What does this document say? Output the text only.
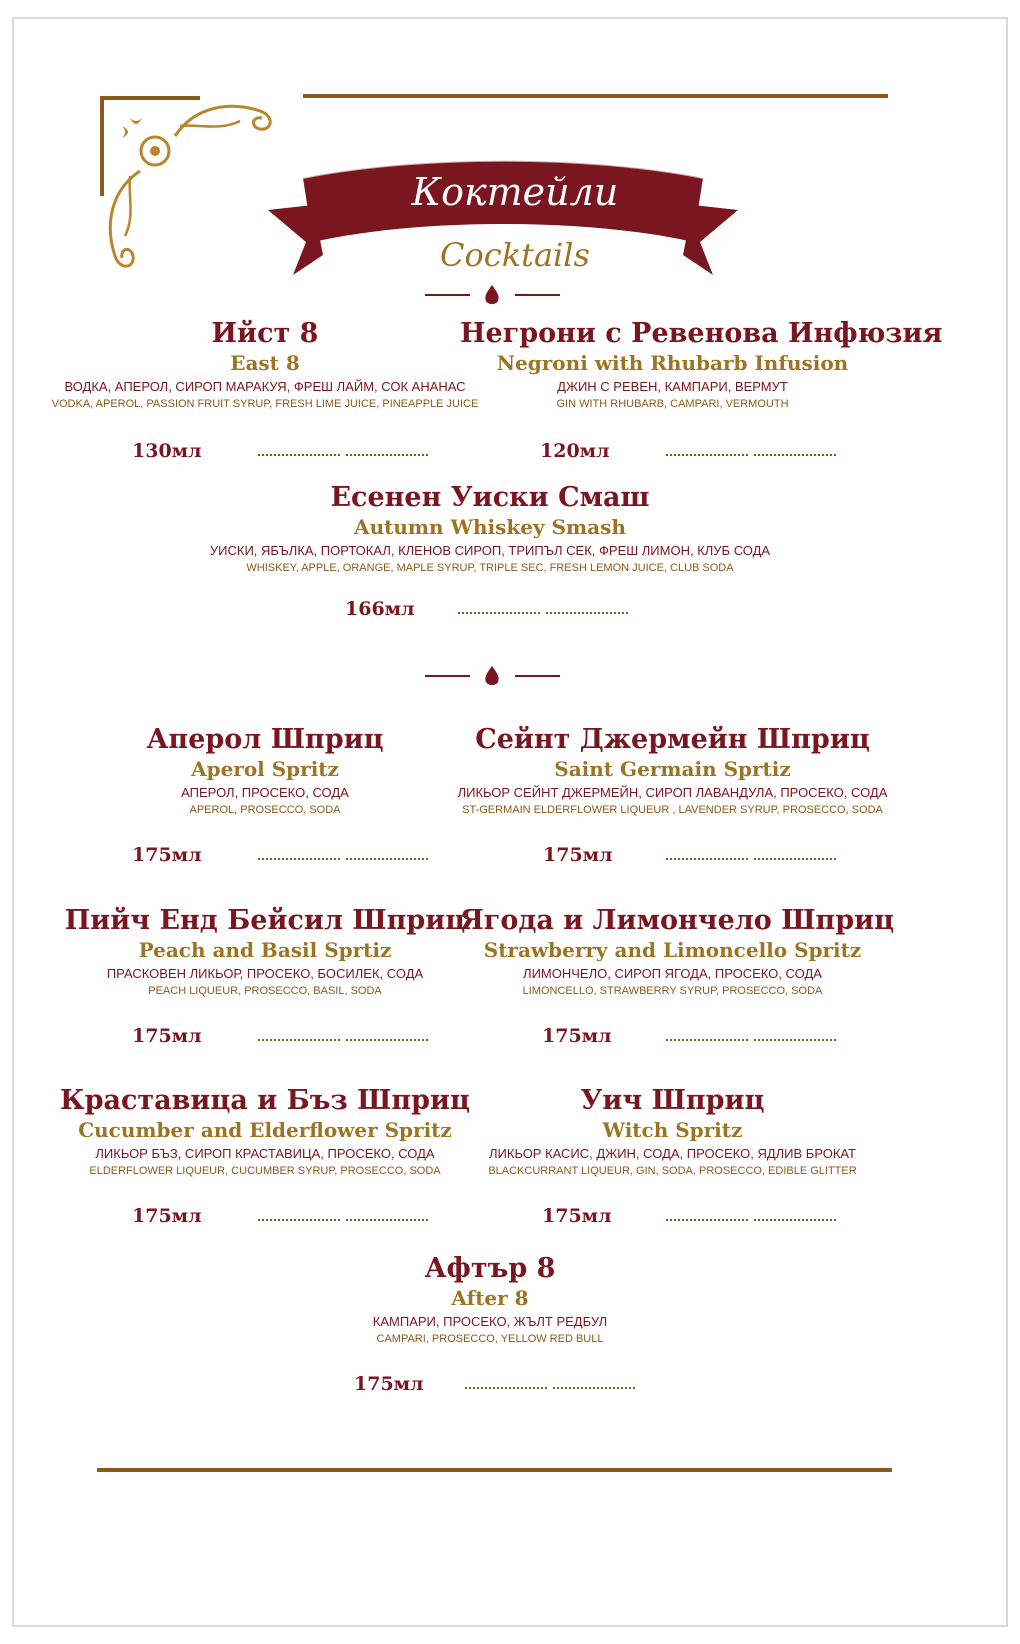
Коктейли
Cocktails
Ийст 8
East 8
ВОДКА, АПЕРОЛ, СИРОП МАРАКУЯ, ФРЕШ ЛАЙМ, СОК АНАНАС
VODKA, APEROL, PASSION FRUIT SYRUP, FRESH LIME JUICE, PINEAPPLE JUICE
130мл
Негрони с Ревенова Инфюзия
Negroni with Rhubarb Infusion
ДЖИН С РЕВЕН, КАМПАРИ, ВЕРМУТ
GIN WITH RHUBARB, CAMPARI, VERMOUTH
120мл
Есенен Уиски Смаш
Autumn Whiskey Smash
УИСКИ, ЯБЪЛКА, ПОРТОКАЛ, КЛЕНОВ СИРОП, ТРИПЪЛ СЕК, ФРЕШ ЛИМОН, КЛУБ СОДА
WHISKEY, APPLE, ORANGE, MAPLE SYRUP, TRIPLE SEC, FRESH LEMON JUICE, CLUB SODA
166мл
Аперол Шприц
Aperol Spritz
АПЕРОЛ, ПРОСЕКО, СОДА
APEROL, PROSECCO, SODA
175мл
Сейнт Джермейн Шприц
Saint Germain Sprtiz
ЛИКЬОР СЕЙНТ ДЖЕРМЕЙН, СИРОП ЛАВАНДУЛА, ПРОСЕКО, СОДА
ST-GERMAIN ELDERFLOWER LIQUEUR , LAVENDER SYRUP, PROSECCO, SODA
175мл
Пийч Енд Бейсил Шприц
Peach and Basil Sprtiz
ПРАСКОВЕН ЛИКЬОР, ПРОСЕКО, БОСИЛЕК, СОДА
PEACH LIQUEUR, PROSECCO, BASIL, SODA
175мл
Ягода и Лимончело Шприц
Strawberry and Limoncello Spritz
ЛИМОНЧЕЛО, СИРОП ЯГОДА, ПРОСЕКО, СОДА
LIMONCELLO, STRAWBERRY SYRUP, PROSECCO, SODA
175мл
Краставица и Бъз Шприц
Cucumber and Elderflower Spritz
ЛИКЬОР БЪЗ, СИРОП КРАСТАВИЦА, ПРОСЕКО, СОДА
ELDERFLOWER LIQUEUR, CUCUMBER SYRUP, PROSECCO, SODA
175мл
Уич Шприц
Witch Spritz
ЛИКЬОР КАСИС, ДЖИН, СОДА, ПРОСЕКО, ЯДЛИВ БРОКАТ
BLACKCURRANT LIQUEUR, GIN, SODA, PROSECCO, EDIBLE GLITTER
175мл
Афтър 8
After 8
КАМПАРИ, ПРОСЕКО, ЖЪЛТ РЕДБУЛ
CAMPARI, PROSECCO, YELLOW RED BULL
175мл
